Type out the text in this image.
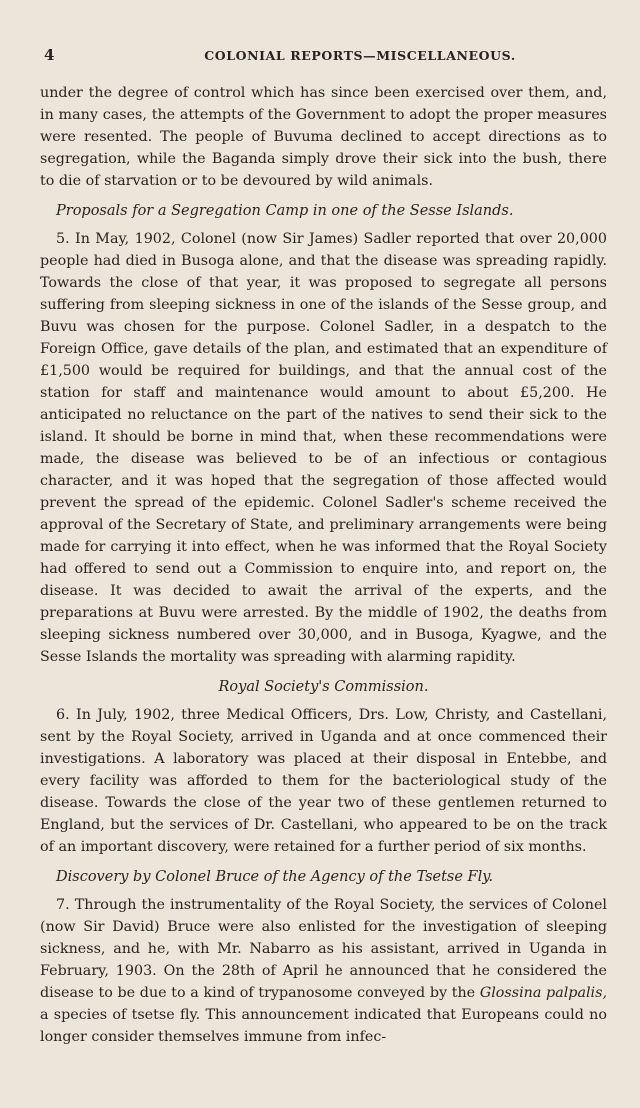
4	COLONIAL REPORTS—MISCELLANEOUS.

under the degree of control which has since been exercised over them, and, in many cases, the attempts of the Government to adopt the proper measures were resented. The people of Buvuma declined to accept directions as to segregation, while the Baganda simply drove their sick into the bush, there to die of starvation or to be devoured by wild animals.

Proposals for a Segregation Camp in one of the Sesse Islands.

5. In May, 1902, Colonel (now Sir James) Sadler reported that over 20,000 people had died in Busoga alone, and that the disease was spreading rapidly. Towards the close of that year, it was proposed to segregate all persons suffering from sleeping sickness in one of the islands of the Sesse group, and Buvu was chosen for the purpose. Colonel Sadler, in a despatch to the Foreign Office, gave details of the plan, and estimated that an expenditure of £1,500 would be required for buildings, and that the annual cost of the station for staff and maintenance would amount to about £5,200. He anticipated no reluctance on the part of the natives to send their sick to the island. It should be borne in mind that, when these recommendations were made, the disease was believed to be of an infectious or contagious character, and it was hoped that the segregation of those affected would prevent the spread of the epidemic. Colonel Sadler's scheme received the approval of the Secretary of State, and preliminary arrangements were being made for carrying it into effect, when he was informed that the Royal Society had offered to send out a Commission to enquire into, and report on, the disease. It was decided to await the arrival of the experts, and the preparations at Buvu were arrested. By the middle of 1902, the deaths from sleeping sickness numbered over 30,000, and in Busoga, Kyagwe, and the Sesse Islands the mortality was spreading with alarming rapidity.

Royal Society's Commission.

6. In July, 1902, three Medical Officers, Drs. Low, Christy, and Castellani, sent by the Royal Society, arrived in Uganda and at once commenced their investigations. A laboratory was placed at their disposal in Entebbe, and every facility was afforded to them for the bacteriological study of the disease. Towards the close of the year two of these gentlemen returned to England, but the services of Dr. Castellani, who appeared to be on the track of an important discovery, were retained for a further period of six months.

Discovery by Colonel Bruce of the Agency of the Tsetse Fly.

7. Through the instrumentality of the Royal Society, the services of Colonel (now Sir David) Bruce were also enlisted for the investigation of sleeping sickness, and he, with Mr. Nabarro as his assistant, arrived in Uganda in February, 1903. On the 28th of April he announced that he considered the disease to be due to a kind of trypanosome conveyed by the Glossina palpalis, a species of tsetse fly. This announcement indicated that Europeans could no longer consider themselves immune from infec-
